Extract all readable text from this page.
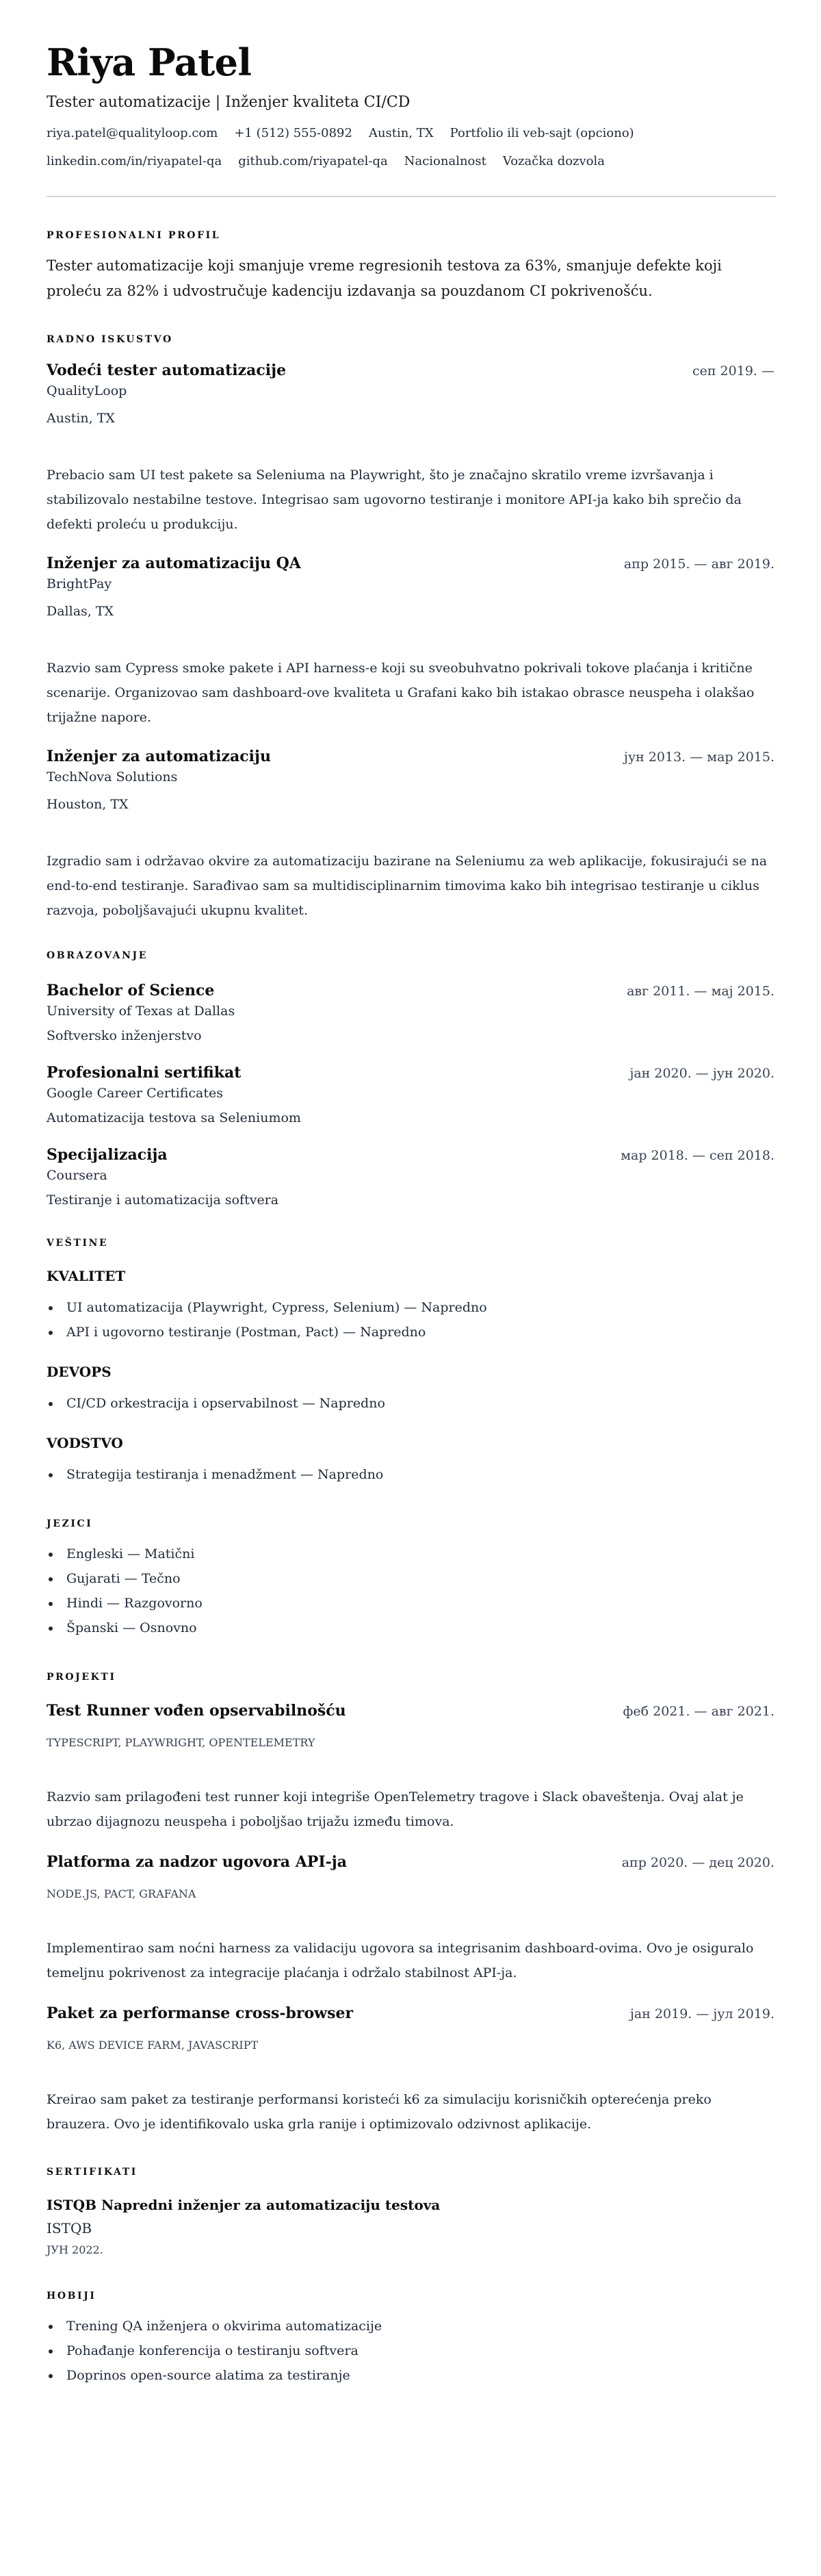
Riya Patel
Tester automatizacije | Inženjer kvaliteta CI/CD
riya.patel@qualityloop.com +1 (512) 555-0892 Austin, TX Portfolio ili veb-sajt (opciono)
linkedin.com/in/riyapatel-qa github.com/riyapatel-qa Nacionalnost Vozačka dozvola
PROFESIONALNI PROFIL

Tester automatizacije koji smanjuje vreme regresionih testova za 63%, smanjuje defekte koji proleću za 82% i udvostručuje kadenciju izdavanja sa pouzdanom CI pokrivenošću.

RADNO ISKUSTVO
Vodeći tester automatizacije	сеп 2019. —
QualityLoop
Austin, TX

Prebacio sam UI test pakete sa Seleniuma na Playwright, što je značajno skratilo vreme izvršavanja i stabilizovalo nestabilne testove. Integrisao sam ugovorno testiranje i monitore API-ja kako bih sprečio da defekti proleću u produkciju.

Inženjer za automatizaciju QA	апр 2015. — авг 2019.
BrightPay
Dallas, TX

Razvio sam Cypress smoke pakete i API harness-e koji su sveobuhvatno pokrivali tokove plaćanja i kritične scenarije. Organizovao sam dashboard-ove kvaliteta u Grafani kako bih istakao obrasce neuspeha i olakšao trijažne napore.

Inženjer za automatizaciju	јун 2013. — мар 2015.
TechNova Solutions
Houston, TX

Izgradio sam i održavao okvire za automatizaciju bazirane na Seleniumu za web aplikacije, fokusirajući se na end-to-end testiranje. Sarađivao sam sa multidisciplinarnim timovima kako bih integrisao testiranje u ciklus razvoja, poboljšavajući ukupnu kvalitet.

OBRAZOVANJE
Bachelor of Science	авг 2011. — мај 2015.
University of Texas at Dallas
Softversko inženjerstvo
Profesionalni sertifikat	јан 2020. — јун 2020.
Google Career Certificates
Automatizacija testova sa Seleniumom
Specijalizacija	мар 2018. — сеп 2018.
Coursera
Testiranje i automatizacija softvera
VEŠTINE
KVALITET
UI automatizacija (Playwright, Cypress, Selenium) — Napredno
API i ugovorno testiranje (Postman, Pact) — Napredno
DEVOPS
CI/CD orkestracija i opservabilnost — Napredno
VODSTVO
Strategija testiranja i menadžment — Napredno
JEZICI
Engleski — Matični
Gujarati — Tečno
Hindi — Razgovorno
Španski — Osnovno
PROJEKTI
Test Runner vođen opservabilnošću	феб 2021. — авг 2021.
TYPESCRIPT, PLAYWRIGHT, OPENTELEMETRY

Razvio sam prilagođeni test runner koji integriše OpenTelemetry tragove i Slack obaveštenja. Ovaj alat je ubrzao dijagnozu neuspeha i poboljšao trijažu između timova.

Platforma za nadzor ugovora API-ja	апр 2020. — дец 2020.
NODE.JS, PACT, GRAFANA

Implementirao sam noćni harness za validaciju ugovora sa integrisanim dashboard-ovima. Ovo je osiguralo temeljnu pokrivenost za integracije plaćanja i održalo stabilnost API-ja.

Paket za performanse cross-browser	јан 2019. — јул 2019.
K6, AWS DEVICE FARM, JAVASCRIPT

Kreirao sam paket za testiranje performansi koristeći k6 za simulaciju korisničkih opterećenja preko brauzera. Ovo je identifikovalo uska grla ranije i optimizovalo odzivnost aplikacije.

SERTIFIKATI
ISTQB Napredni inženjer za automatizaciju testova
ISTQB
ЈУН 2022.
HOBIJI
Trening QA inženjera o okvirima automatizacije
Pohađanje konferencija o testiranju softvera
Doprinos open-source alatima za testiranje
